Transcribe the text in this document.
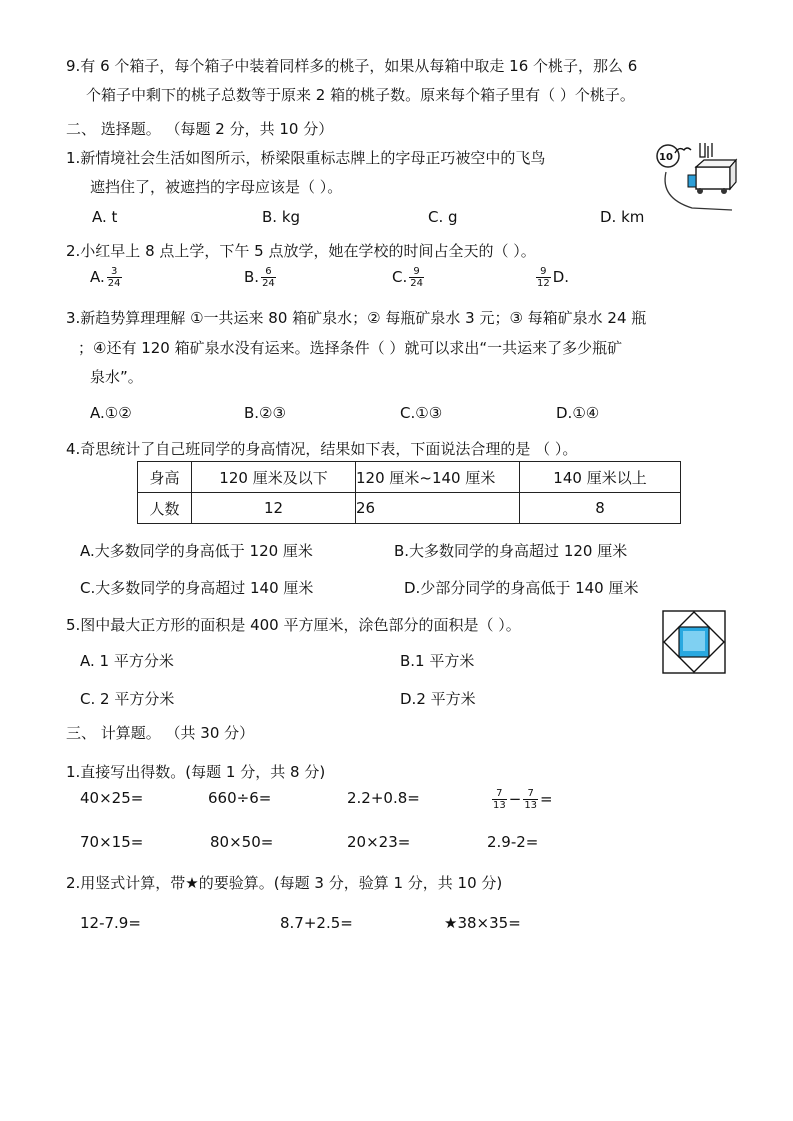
9.有 6 个箱子，每个箱子中装着同样多的桃子，如果从每箱中取走 16 个桃子，那么 6
个箱子中剩下的桃子总数等于原来 2 箱的桃子数。原来每个箱子里有（ ）个桃子。
二、 选择题。 （每题 2 分，共 10 分）
1.新情境社会生活如图所示，桥梁限重标志牌上的字母正巧被空中的飞鸟
遮挡住了，被遮挡的字母应该是（ ）。
10
A. t	B. kg	C. g	D. km
2.小红早上 8 点上学，下午 5 点放学，她在学校的时间占全天的（ ）。
A. $\frac{3}{24}$	B. $\frac{6}{24}$	C. $\frac{9}{24}$	$\frac{9}{12} D$.
3.新趋势算理理解 ①一共运来 80 箱矿泉水；② 每瓶矿泉水 3 元；③ 每箱矿泉水 24 瓶
；④还有 120 箱矿泉水没有运来。选择条件（ ）就可以求出“一共运来了多少瓶矿
泉水”。
A.①②	B.②③	C.①③	D.①④
4.奇思统计了自己班同学的身高情况，结果如下表，下面说法合理的是 （ ）。
身高	120 厘米及以下	120 厘米~140 厘米	140 厘米以上
人数	12	26	8
A.大多数同学的身高低于 120 厘米	B.大多数同学的身高超过 120 厘米
C.大多数同学的身高超过 140 厘米	D.少部分同学的身高低于 140 厘米
5.图中最大正方形的面积是 400 平方厘米，涂色部分的面积是（ ）。
A. 1 平方分米	B.1 平方米
C. 2 平方分米	D.2 平方米
三、 计算题。 （共 30 分）
1.直接写出得数。(每题 1 分，共 8 分)
40×25=	660÷6=	2.2+0.8=	$\frac{7}{13} - \frac{7}{13}$ =
70×15=	80×50=	20×23=	2.9-2=
2.用竖式计算，带★的要验算。(每题 3 分，验算 1 分，共 10 分)
12-7.9=	8.7+2.5=	★38×35=
